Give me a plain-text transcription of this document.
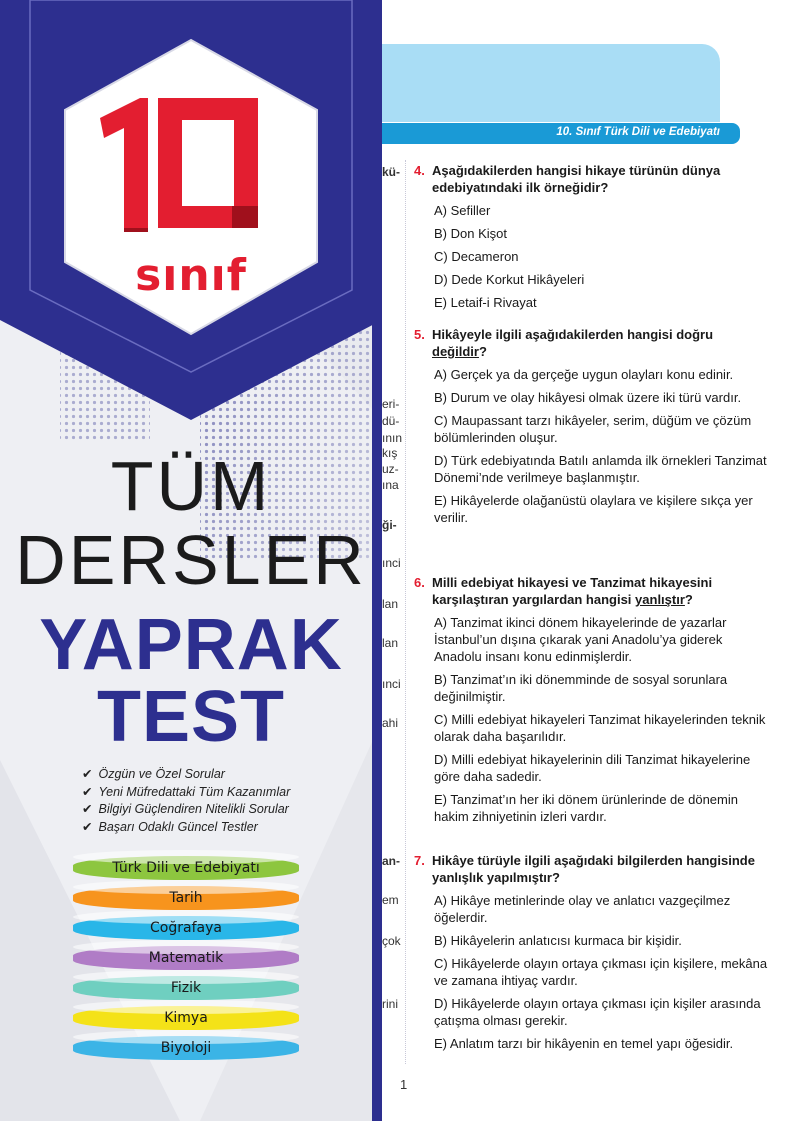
sınıf
TÜM
DERSLER
YAPRAK
TEST
✔ Özgün ve Özel Sorular
✔ Yeni Müfredattaki Tüm Kazanımlar
✔ Bilgiyi Güçlendiren Nitelikli Sorular
✔ Başarı Odaklı Güncel Testler
Türk Dili ve Edebiyatı
Tarih
Coğrafaya
Matematik
Fizik
Kimya
Biyoloji
10. Sınıf Türk Dili ve Edebiyatı
kü-
eri-
dü-
ının
kış
uz-
ına
ği-
ınci
lan
lan
ınci
ahi
an-
em
çok
rini
4. Aşağıdakilerden hangisi hikaye türünün dünya edebiyatındaki ilk örneğidir?
A) Sefiller
B) Don Kişot
C) Decameron
D) Dede Korkut Hikâyeleri
E) Letaif-i Rivayat
5. Hikâyeyle ilgili aşağıdakilerden hangisi doğru değildir?
A) Gerçek ya da gerçeğe uygun olayları konu edinir.
B) Durum ve olay hikâyesi olmak üzere iki türü vardır.
C) Maupassant tarzı hikâyeler, serim, düğüm ve çözüm bölümlerinden oluşur.
D) Türk edebiyatında Batılı anlamda ilk örnekleri Tanzimat Dönemi’nde verilmeye başlanmıştır.
E) Hikâyelerde olağanüstü olaylara ve kişilere sıkça yer verilir.
6. Milli edebiyat hikayesi ve Tanzimat hikayesini karşılaştıran yargılardan hangisi yanlıştır?
A) Tanzimat ikinci dönem hikayelerinde de yazarlar İstanbul’un dışına çıkarak yani Anadolu’ya giderek Anadolu insanı konu edinmişlerdir.
B) Tanzimat’ın iki dönemminde de sosyal sorunlara değinilmiştir.
C) Milli edebiyat hikayeleri Tanzimat hikayelerinden teknik olarak daha başarılıdır.
D) Milli edebiyat hikayelerinin dili Tanzimat hikayelerine göre daha sadedir.
E) Tanzimat’ın her iki dönem ürünlerinde de dönemin hakim zihniyetinin izleri vardır.
7. Hikâye türüyle ilgili aşağıdaki bilgilerden hangisinde yanlışlık yapılmıştır?
A) Hikâye metinlerinde olay ve anlatıcı vazgeçilmez öğelerdir.
B) Hikâyelerin anlatıcısı kurmaca bir kişidir.
C) Hikâyelerde olayın ortaya çıkması için kişilere, mekâna ve zamana ihtiyaç vardır.
D) Hikâyelerde olayın ortaya çıkması için kişiler arasında çatışma olması gerekir.
E) Anlatım tarzı bir hikâyenin en temel yapı öğesidir.
1
